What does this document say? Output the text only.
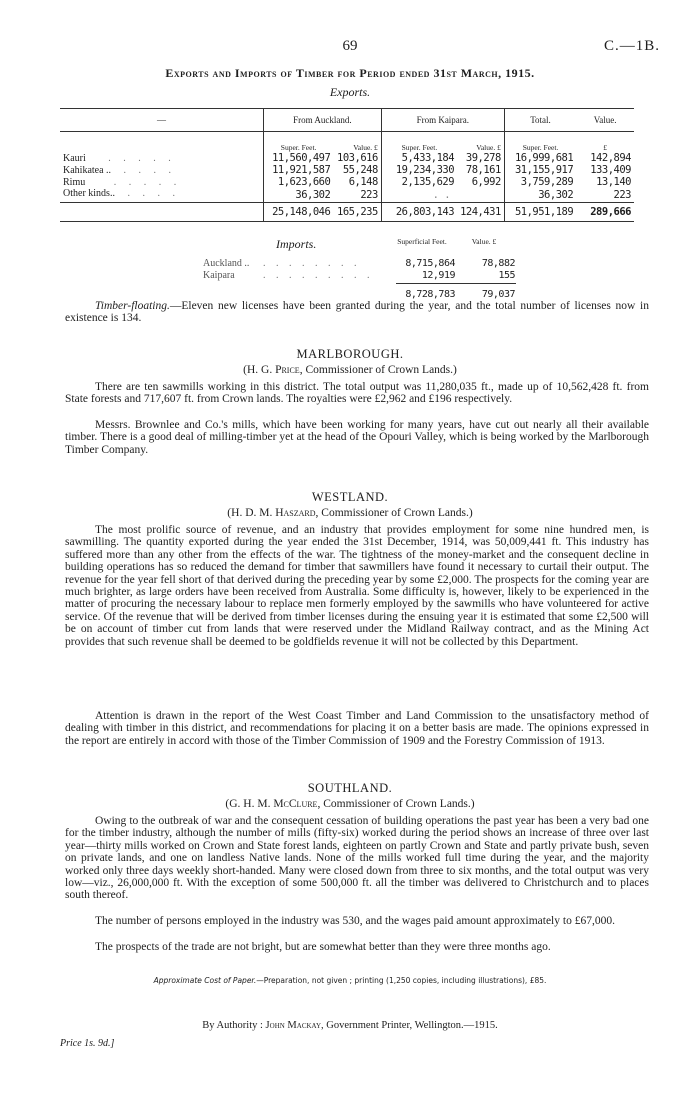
69	C.—1B.
Exports and Imports of Timber for Period ended 31st March, 1915.
Exports.
—	From Auckland.		From Kaipara.		Total.	Value.
	Super. Feet.	Value. £	Super. Feet.	Value. £	Super. Feet.	£
Kauri . . . . .	11,560,497	103,616	5,433,184	39,278	16,999,681	142,894
Kahikatea .. . . . .	11,921,587	55,248	19,234,330	78,161	31,155,917	133,409
Rimu . . . . .	1,623,660	6,148	2,135,629	6,992	3,759,289	13,140
Other kinds.. . . . .	36,302	223	. .		36,302	223
	25,148,046	165,235	26,803,143	124,431	51,951,189	289,666
Imports.	Superficial Feet.	Value. £
Auckland .. . . . . . . . .	8,715,864	78,882
Kaipara	. . . . . . . . .	12,919	155
8,728,783	79,037

Timber-floating.—Eleven new licenses have been granted during the year, and the total number of licenses now in existence is 134.

MARLBOROUGH.
(H. G. Price, Commissioner of Crown Lands.)

There are ten sawmills working in this district. The total output was 11,280,035 ft., made up of 10,562,428 ft. from State forests and 717,607 ft. from Crown lands. The royalties were £2,962 and £196 respectively.

Messrs. Brownlee and Co.'s mills, which have been working for many years, have cut out nearly all their available timber. There is a good deal of milling-timber yet at the head of the Opouri Valley, which is being worked by the Marlborough Timber Company.

WESTLAND.
(H. D. M. Haszard, Commissioner of Crown Lands.)

The most prolific source of revenue, and an industry that provides employment for some nine hundred men, is sawmilling. The quantity exported during the year ended the 31st December, 1914, was 50,009,441 ft. This industry has suffered more than any other from the effects of the war. The tightness of the money-market and the consequent decline in building operations has so reduced the demand for timber that sawmillers have found it necessary to curtail their output. The revenue for the year fell short of that derived during the preceding year by some £2,000. The prospects for the coming year are much brighter, as large orders have been received from Australia. Some difficulty is, however, likely to be experienced in the matter of procuring the necessary labour to replace men formerly employed by the sawmills who have volunteered for active service. Of the revenue that will be derived from timber licenses during the ensuing year it is estimated that some £2,500 will be on account of timber cut from lands that were reserved under the Midland Railway contract, and as the Mining Act provides that such revenue shall be deemed to be goldfields revenue it will not be collected by this Department.

Attention is drawn in the report of the West Coast Timber and Land Commission to the unsatisfactory method of dealing with timber in this district, and recommendations for placing it on a better basis are made. The opinions expressed in the report are entirely in accord with those of the Timber Commission of 1909 and the Forestry Commission of 1913.

SOUTHLAND.
(G. H. M. McClure, Commissioner of Crown Lands.)

Owing to the outbreak of war and the consequent cessation of building operations the past year has been a very bad one for the timber industry, although the number of mills (fifty-six) worked during the period shows an increase of three over last year—thirty mills worked on Crown and State forest lands, eighteen on partly Crown and State and partly private bush, seven on private lands, and one on landless Native lands. None of the mills worked full time during the year, and the majority worked only three days weekly short-handed. Many were closed down from three to six months, and the total output was very low—viz., 26,000,000 ft. With the exception of some 500,000 ft. all the timber was delivered to Christchurch and to places south thereof.

The number of persons employed in the industry was 530, and the wages paid amount approximately to £67,000.

The prospects of the trade are not bright, but are somewhat better than they were three months ago.

Approximate Cost of Paper.—Preparation, not given ; printing (1,250 copies, including illustrations), £85.
By Authority : John Mackay, Government Printer, Wellington.—1915.
Price 1s. 9d.]
